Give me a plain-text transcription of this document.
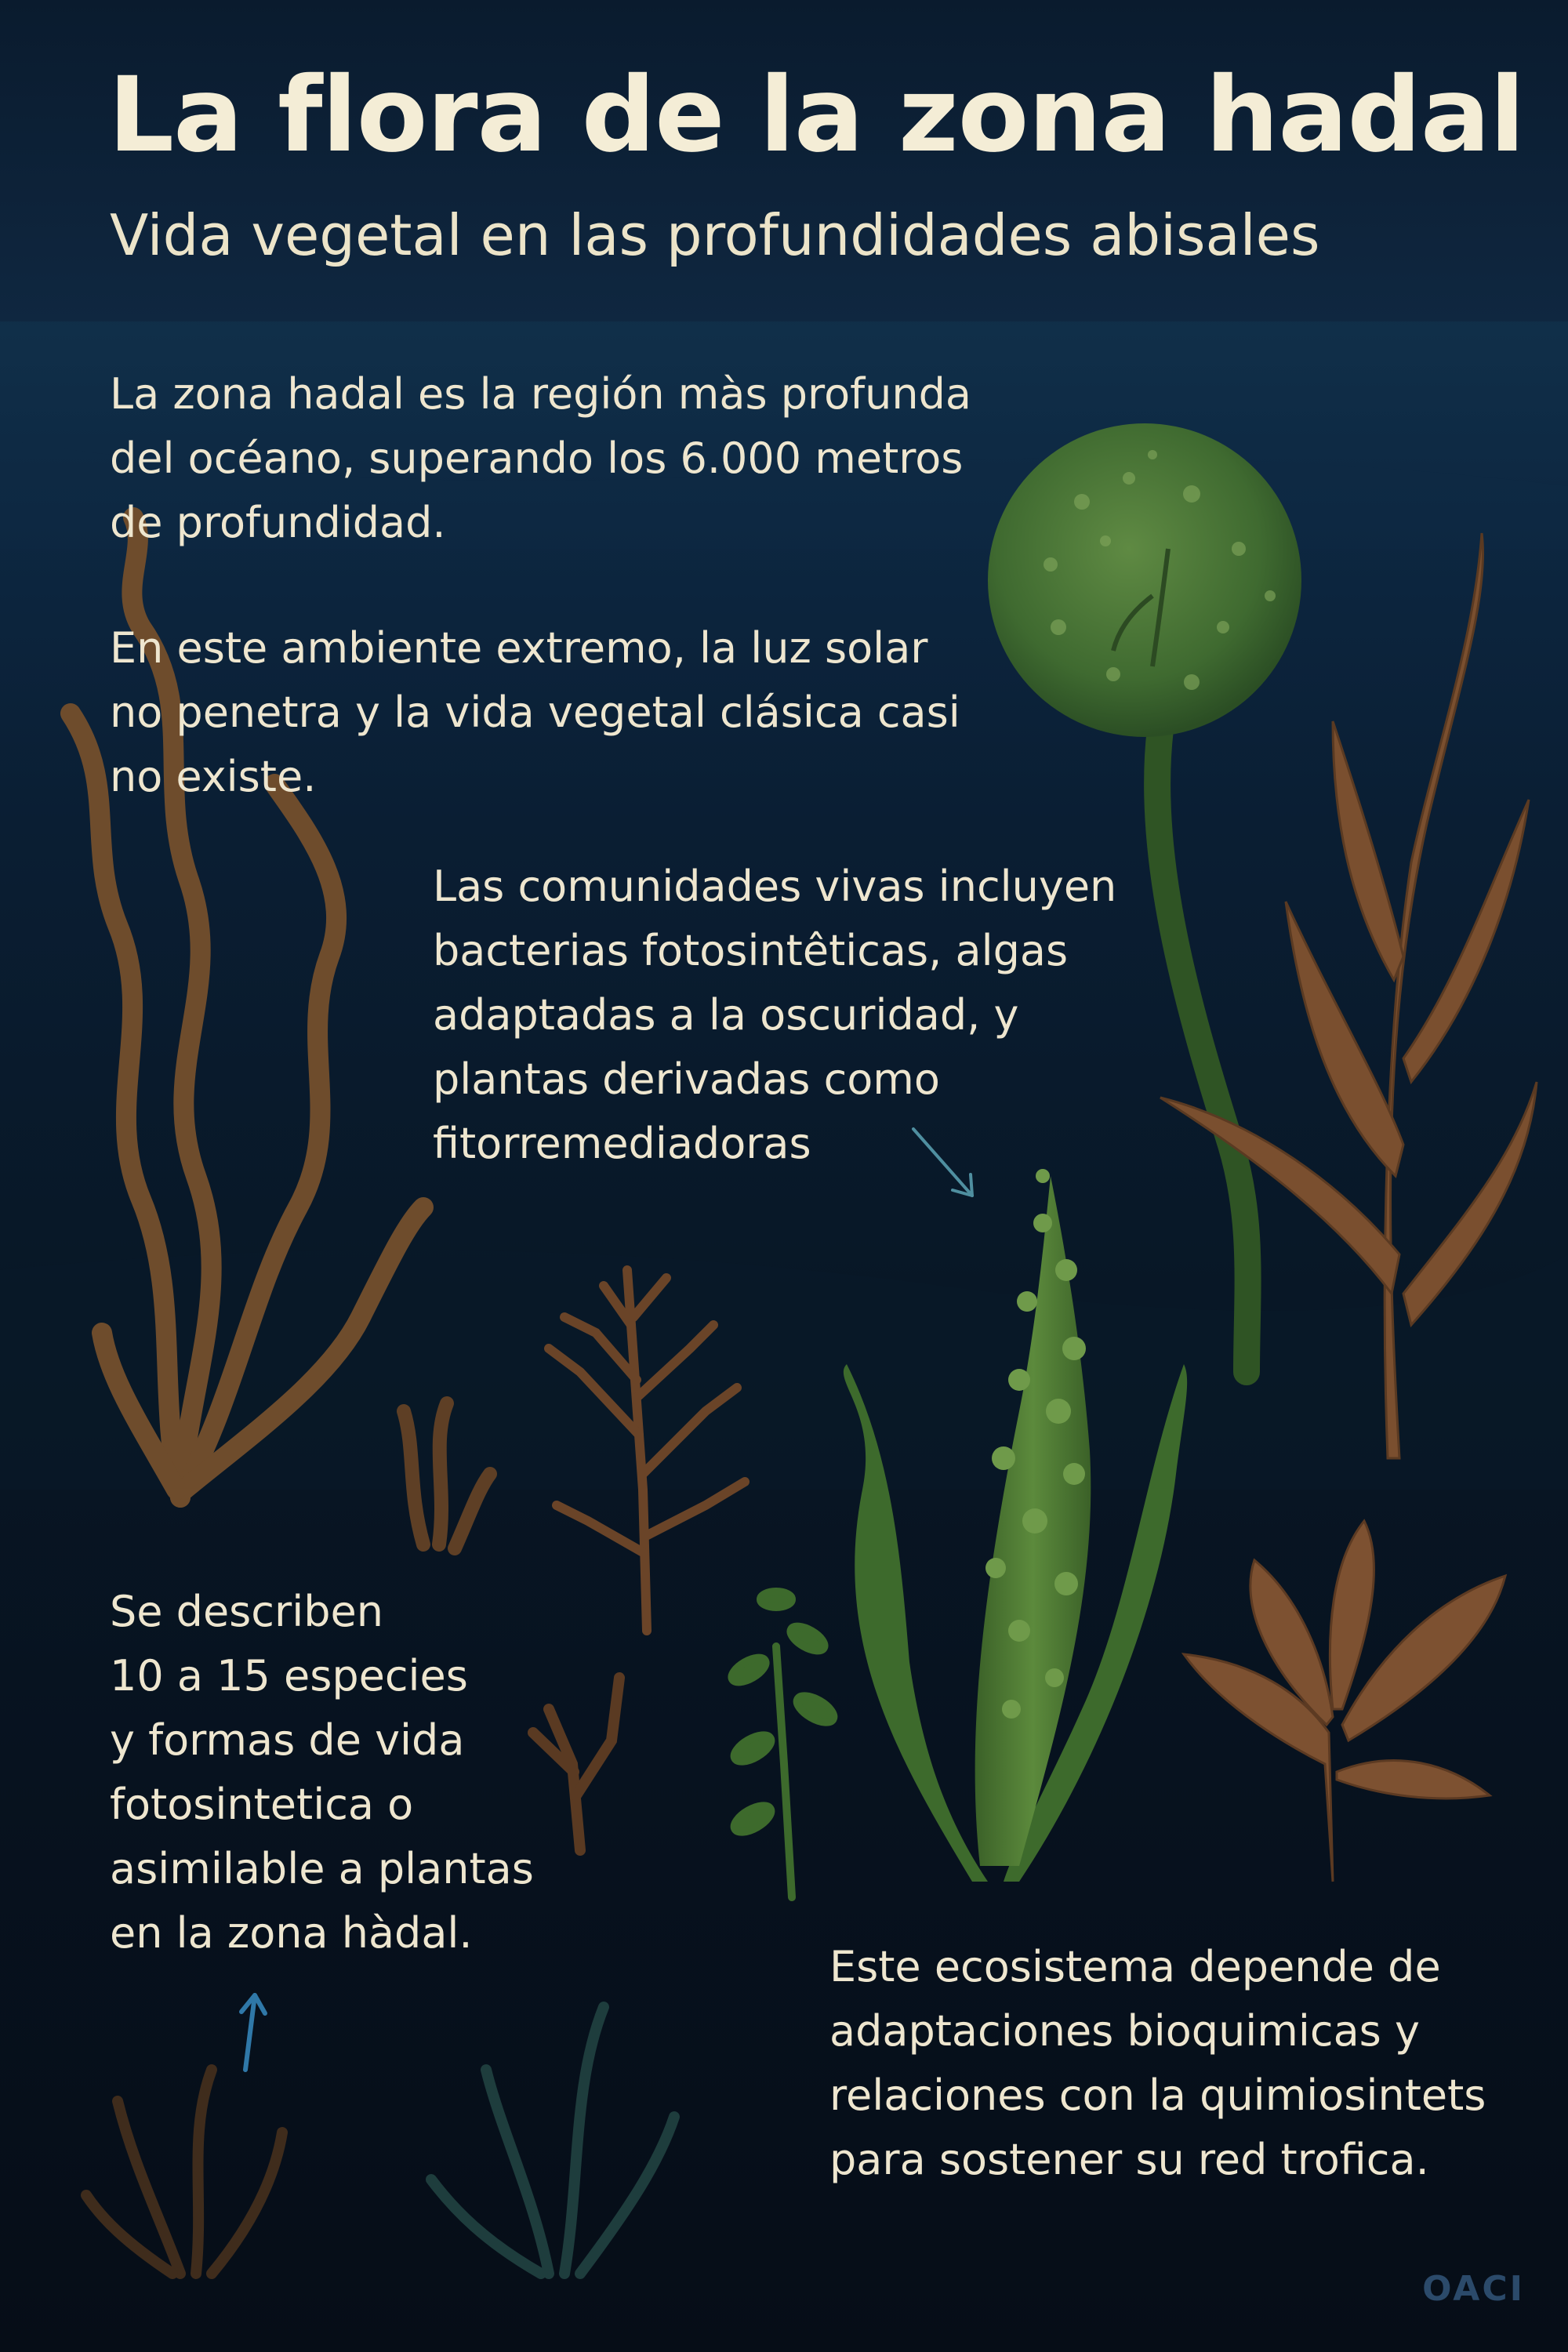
La flora de la zona hadal
Vida vegetal en las profundidades abisales
La zona hadal es la región màs profunda
del océano, superando los 6.000 metros
de profundidad.
En este ambiente extremo, la luz solar
no penetra y la vida vegetal clásica casi
no existe.
Las comunidades vivas incluyen
bacterias fotosintêticas, algas
adaptadas a la oscuridad, y
plantas derivadas como
fitorremediadoras
Se describen
10 a 15 especies
y formas de vida
fotosintetica o
asimilable a plantas
en la zona hàdal.
Este ecosistema depende de
adaptaciones bioquimicas y
relaciones con la quimiosintets
para sostener su red trofica.
OACI
